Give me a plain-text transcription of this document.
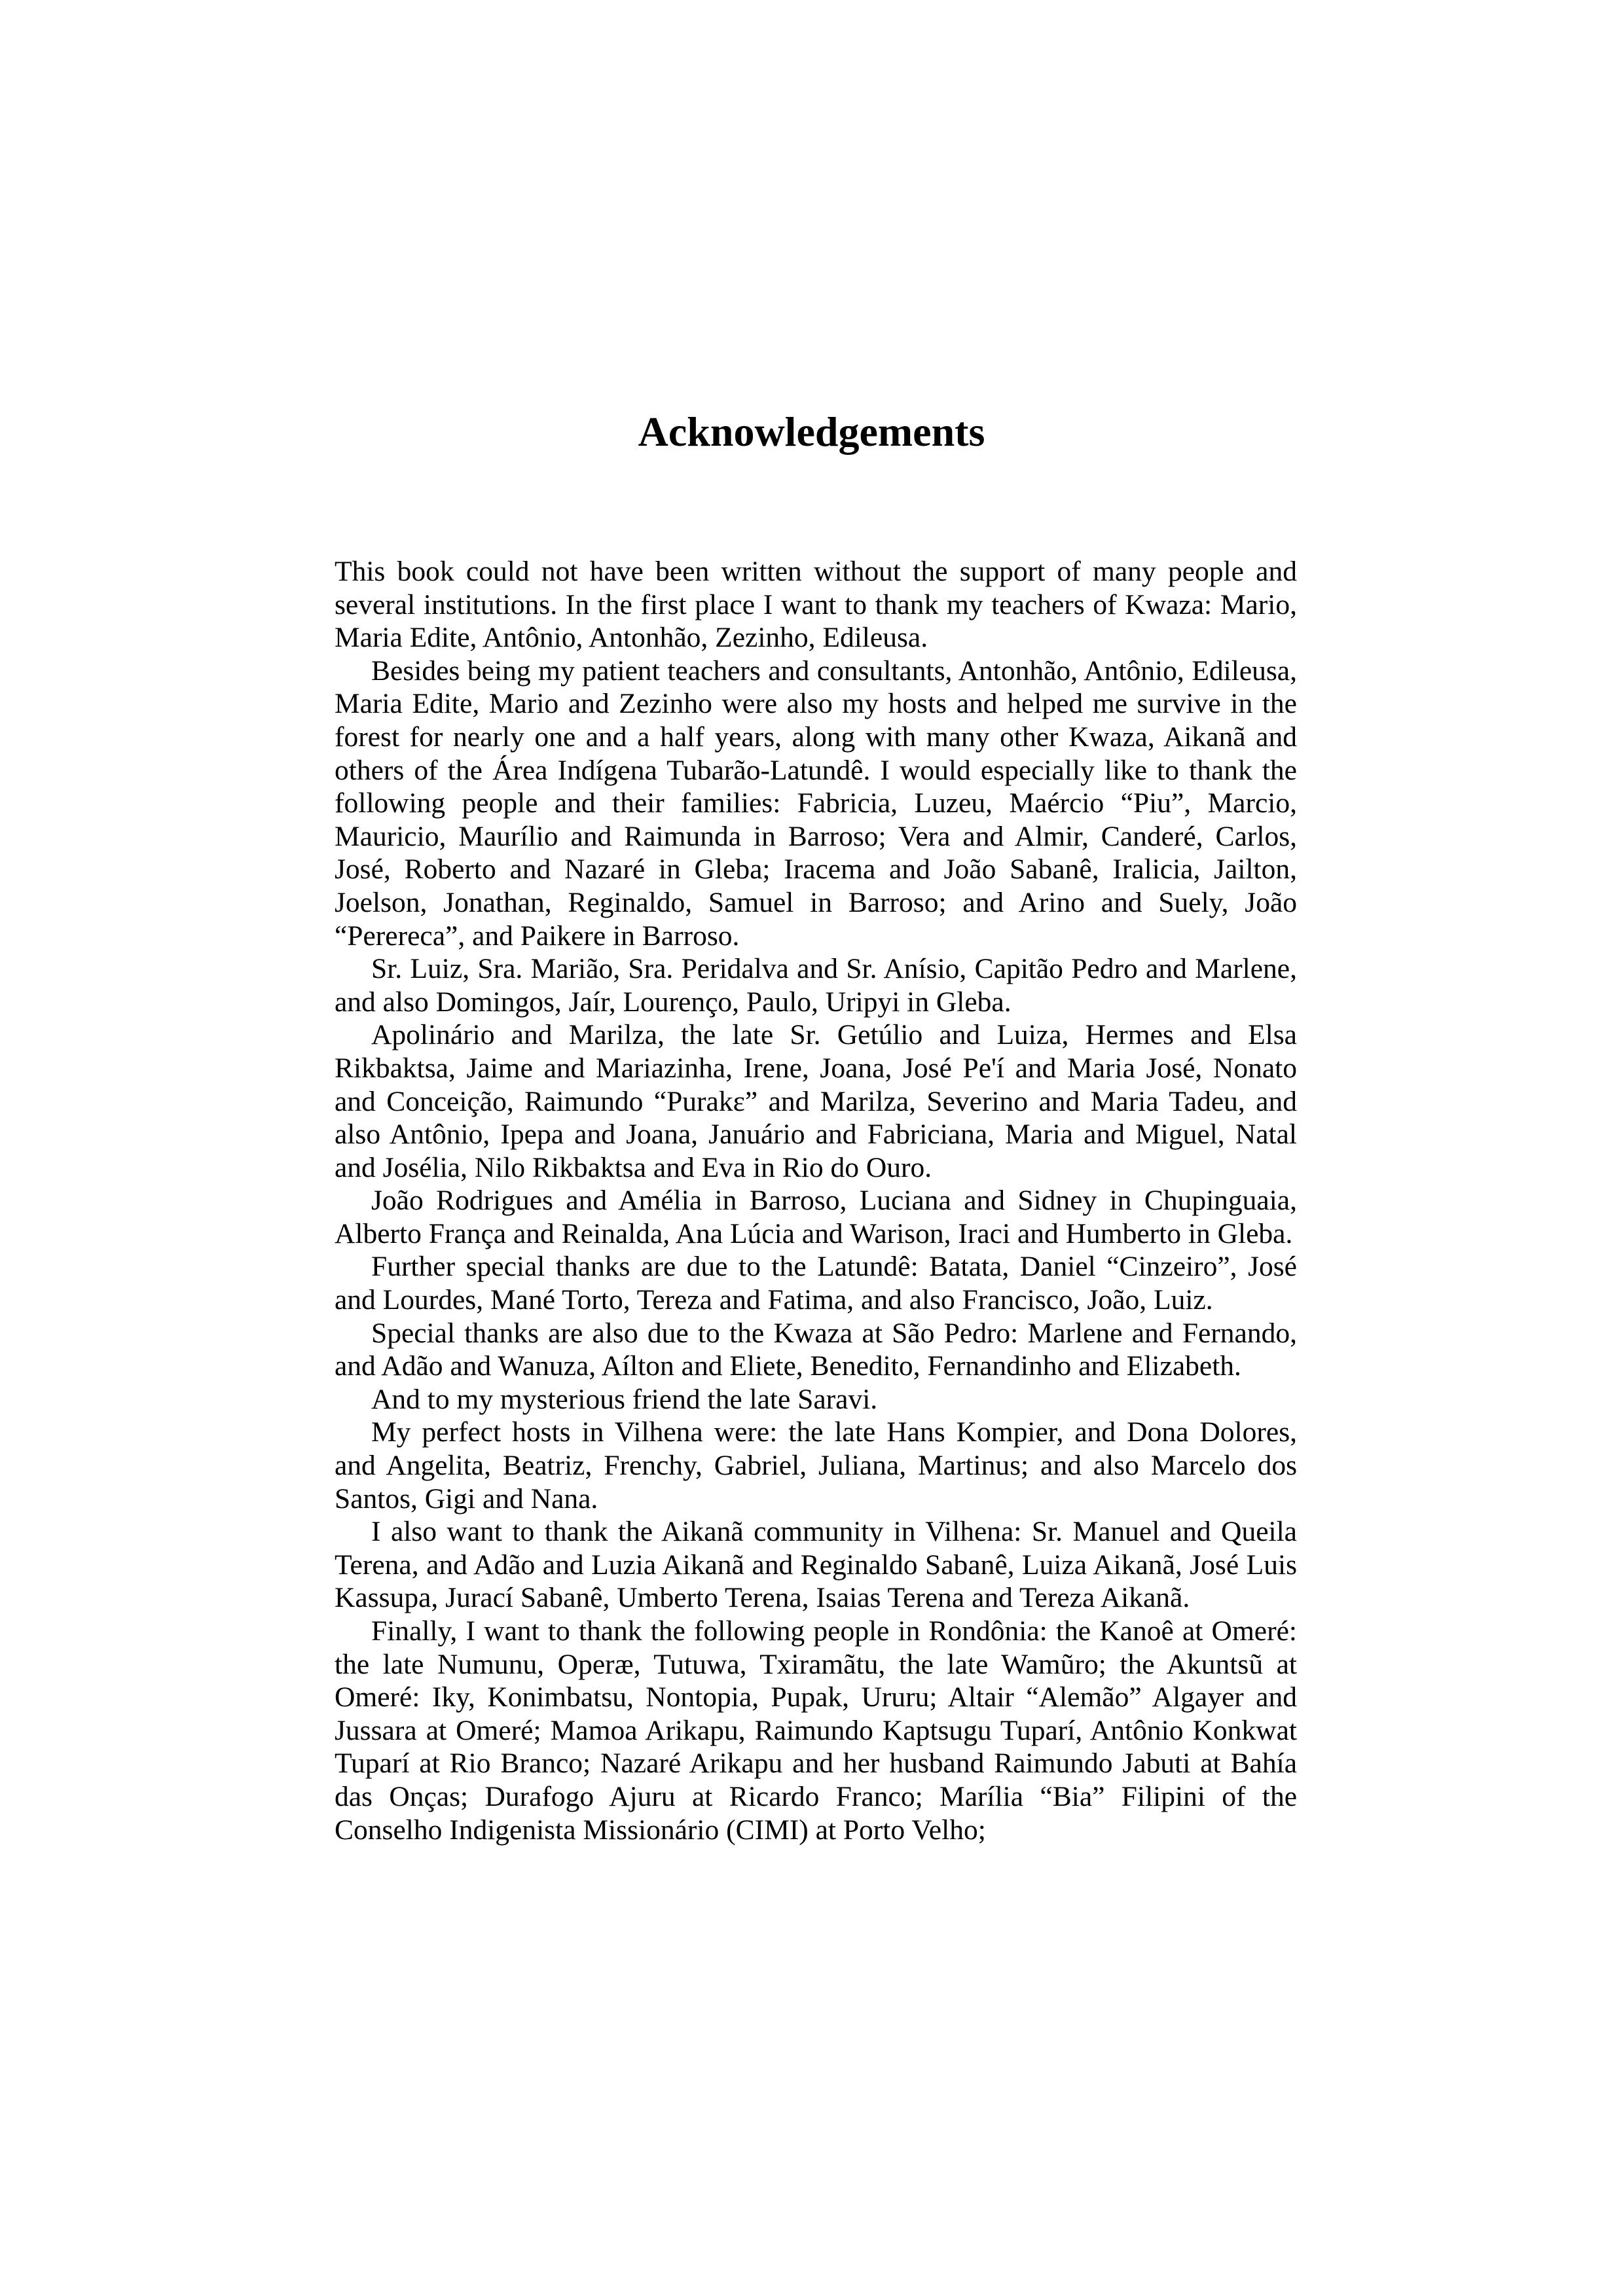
Acknowledgements

This book could not have been written without the support of many people and several institutions. In the first place I want to thank my teachers of Kwaza: Mario, Maria Edite, Antônio, Antonhão, Zezinho, Edileusa.

Besides being my patient teachers and consultants, Antonhão, Antônio, Edileusa, Maria Edite, Mario and Zezinho were also my hosts and helped me survive in the forest for nearly one and a half years, along with many other Kwaza, Aikanã and others of the Área Indígena Tubarão-Latundê. I would especially like to thank the following people and their families: Fabricia, Luzeu, Maércio “Piu”, Marcio, Mauricio, Maurílio and Raimunda in Barroso; Vera and Almir, Canderé, Carlos, José, Roberto and Nazaré in Gleba; Iracema and João Sabanê, Iralicia, Jailton, Joelson, Jonathan, Reginaldo, Samuel in Barroso; and Arino and Suely, João “Perereca”, and Paikere in Barroso.

Sr. Luiz, Sra. Marião, Sra. Peridalva and Sr. Anísio, Capitão Pedro and Marlene, and also Domingos, Jaír, Lourenço, Paulo, Uripyi in Gleba.

Apolinário and Marilza, the late Sr. Getúlio and Luiza, Hermes and Elsa Rikbaktsa, Jaime and Mariazinha, Irene, Joana, José Pe'í and Maria José, Nonato and Conceição, Raimundo “Purakɛ” and Marilza, Severino and Maria Tadeu, and also Antônio, Ipepa and Joana, Januário and Fabriciana, Maria and Miguel, Natal and Josélia, Nilo Rikbaktsa and Eva in Rio do Ouro.

João Rodrigues and Amélia in Barroso, Luciana and Sidney in Chupinguaia, Alberto França and Reinalda, Ana Lúcia and Warison, Iraci and Humberto in Gleba.

Further special thanks are due to the Latundê: Batata, Daniel “Cinzeiro”, José and Lourdes, Mané Torto, Tereza and Fatima, and also Francisco, João, Luiz.

Special thanks are also due to the Kwaza at São Pedro: Marlene and Fernando, and Adão and Wanuza, Aílton and Eliete, Benedito, Fernandinho and Elizabeth.

And to my mysterious friend the late Saravi.

My perfect hosts in Vilhena were: the late Hans Kompier, and Dona Dolores, and Angelita, Beatriz, Frenchy, Gabriel, Juliana, Martinus; and also Marcelo dos Santos, Gigi and Nana.

I also want to thank the Aikanã community in Vilhena: Sr. Manuel and Queila Terena, and Adão and Luzia Aikanã and Reginaldo Sabanê, Luiza Aikanã, José Luis Kassupa, Jurací Sabanê, Umberto Terena, Isaias Terena and Tereza Aikanã.

Finally, I want to thank the following people in Rondônia: the Kanoê at Omeré: the late Numunu, Operæ, Tutuwa, Txiramãtu, the late Wamũro; the Akuntsũ at Omeré: Iky, Konimbatsu, Nontopia, Pupak, Ururu; Altair “Alemão” Algayer and Jussara at Omeré; Mamoa Arikapu, Raimundo Kaptsugu Tuparí, Antônio Konkwat Tuparí at Rio Branco; Nazaré Arikapu and her husband Raimundo Jabuti at Bahía das Onças; Durafogo Ajuru at Ricardo Franco; Marília “Bia” Filipini of the Conselho Indigenista Missionário (CIMI) at Porto Velho;
